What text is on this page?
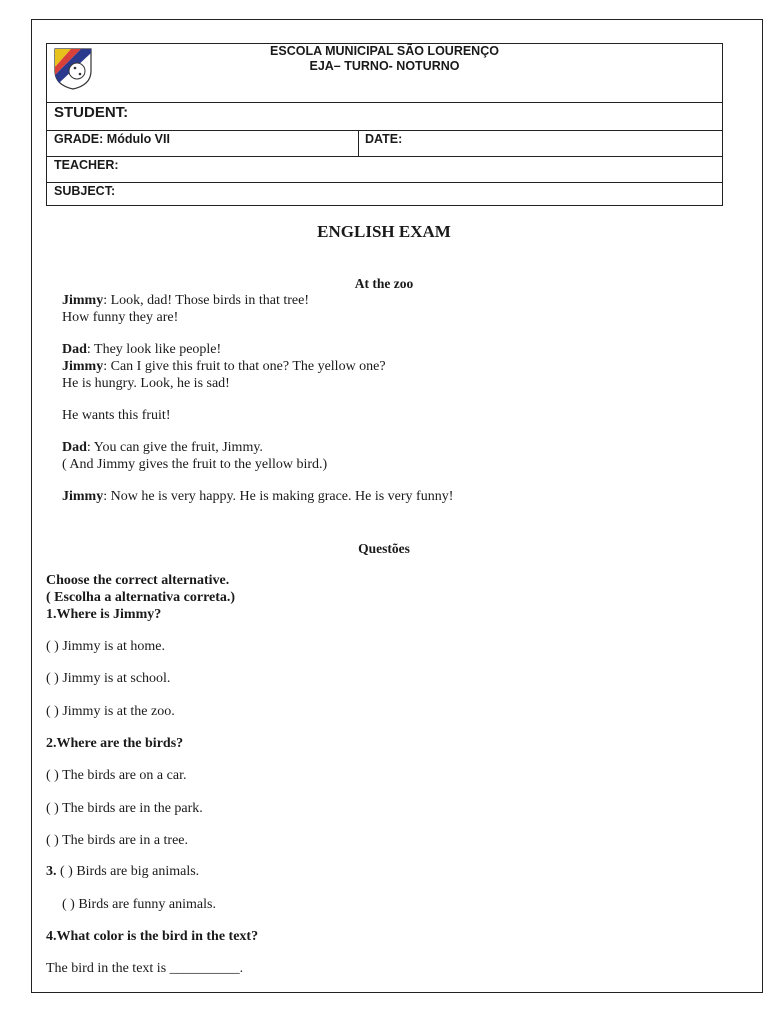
ESCOLA MUNICIPAL SÃO LOURENÇO
EJA– TURNO- NOTURNO
STUDENT:
GRADE: Módulo VII	DATE:
TEACHER:
SUBJECT:
ENGLISH EXAM
At the zoo
Jimmy: Look, dad! Those birds in that tree!
How funny they are!
Dad: They look like people!
Jimmy: Can I give this fruit to that one? The yellow one?
He is hungry. Look, he is sad!
He wants this fruit!
Dad: You can give the fruit, Jimmy.
( And Jimmy gives the fruit to the yellow bird.)
Jimmy: Now he is very happy. He is making grace. He is very funny!
Questões
Choose the correct alternative.
( Escolha a alternativa correta.)
1.Where is Jimmy?
( ) Jimmy is at home.
( ) Jimmy is at school.
( ) Jimmy is at the zoo.
2.Where are the birds?
( ) The birds are on a car.
( ) The birds are in the park.
( ) The birds are in a tree.
3. ( ) Birds are big animals.
( ) Birds are funny animals.
4.What color is the bird in the text?
The bird in the text is __________.
